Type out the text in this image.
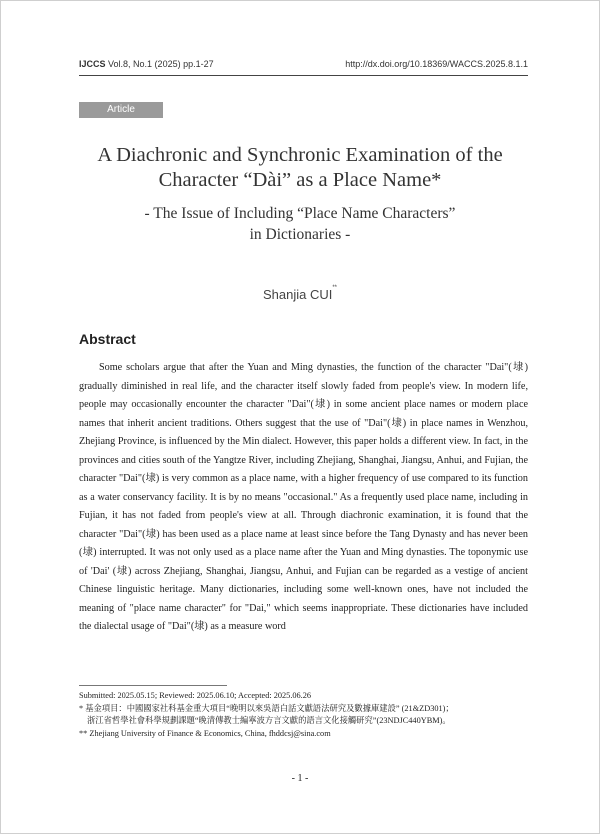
IJCCS Vol.8, No.1 (2025) pp.1-27	http://dx.doi.org/10.18369/WACCS.2025.8.1.1
Article
A Diachronic and Synchronic Examination of the
Character “Dài” as a Place Name*
- The Issue of Including “Place Name Characters”
in Dictionaries -
Shanjia CUI**
Abstract
Some scholars argue that after the Yuan and Ming dynasties, the function of the character "Dai"(埭) gradually diminished in real life, and the character itself slowly faded from people's view. In modern life, people may occasionally encounter the character "Dai"(埭) in some ancient place names or modern place names that inherit ancient traditions. Others suggest that the use of "Dai"(埭) in place names in Wenzhou, Zhejiang Province, is influenced by the Min dialect. However, this paper holds a different view. In fact, in the provinces and cities south of the Yangtze River, including Zhejiang, Shanghai, Jiangsu, Anhui, and Fujian, the character "Dai"(埭) is very common as a place name, with a higher frequency of use compared to its function as a water conservancy facility. It is by no means "occasional." As a frequently used place name, including in Fujian, it has not faded from people's view at all. Through diachronic examination, it is found that the character "Dai"(埭) has been used as a place name at least since before the Tang Dynasty and has never been (埭) interrupted. It was not only used as a place name after the Yuan and Ming dynasties. The toponymic use of 'Dai' (埭) across Zhejiang, Shanghai, Jiangsu, Anhui, and Fujian can be regarded as a vestige of ancient Chinese linguistic heritage. Many dictionaries, including some well-known ones, have not included the meaning of "place name character" for "Dai," which seems inappropriate. These dictionaries have included the dialectal usage of "Dai"(埭) as a measure word

Submitted: 2025.05.15; Reviewed: 2025.06.10; Accepted: 2025.06.26

* 基金項目：中國國家社科基金重大項目“晚明以來吳語白話文獻語法研究及數據庫建設” (21&ZD301)；

浙江省哲學社會科學規劃課題“晚清傳教士編寧波方言文獻的語言文化接觸研究”(23NDJC440YBM)。

** Zhejiang University of Finance & Economics, China, fhddcsj@sina.com

- 1 -
